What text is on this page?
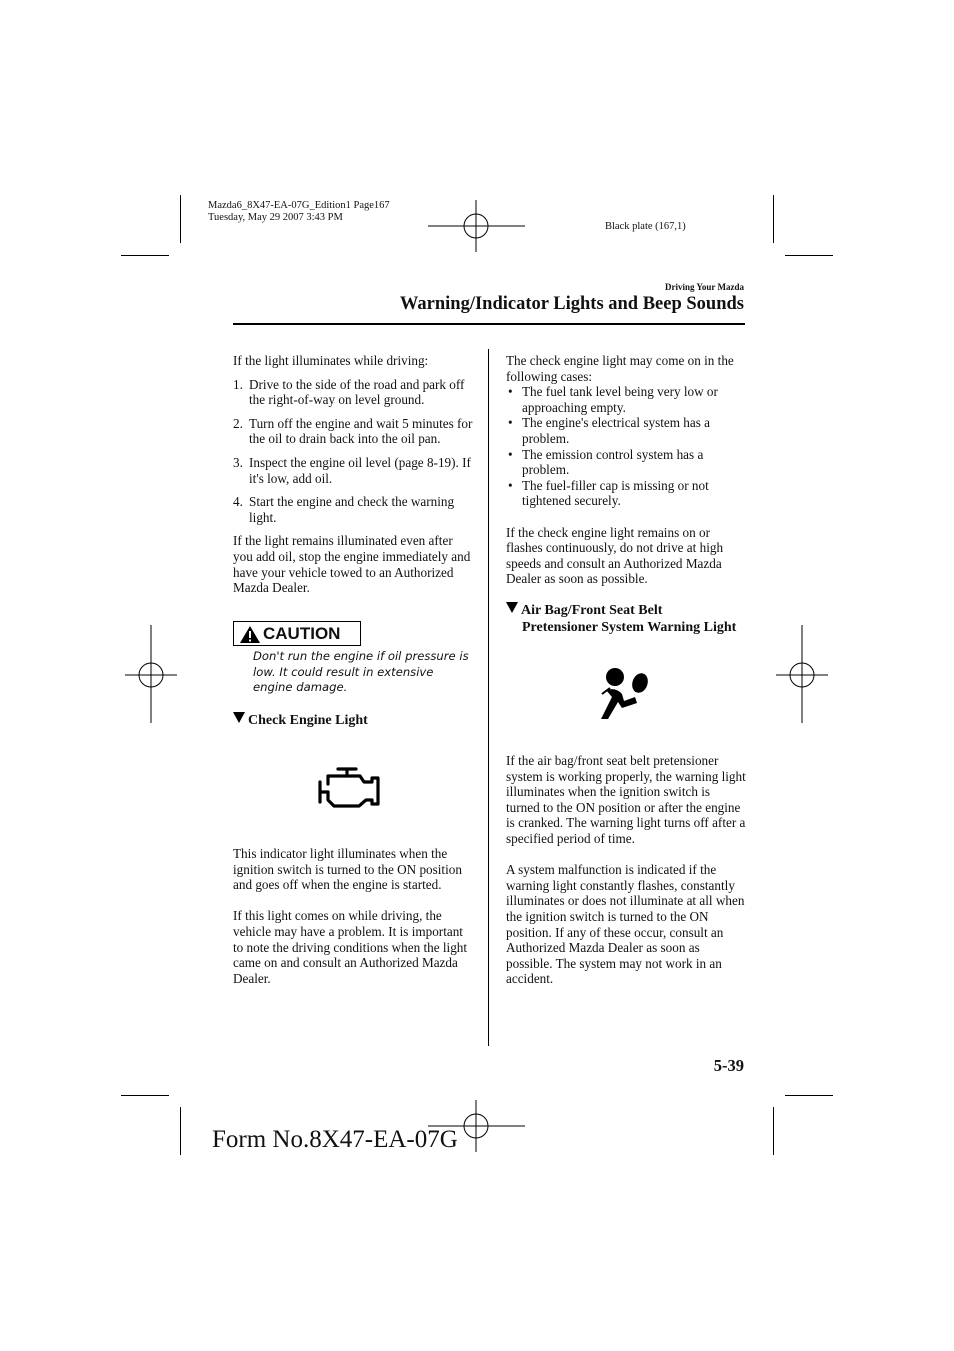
Mazda6_8X47-EA-07G_Edition1 Page167
Tuesday, May 29 2007 3:43 PM
Black plate (167,1)
Driving Your Mazda
Warning/Indicator Lights and Beep Sounds

If the light illuminates while driving:

1. Drive to the side of the road and park off the right-of-way on level ground.
2. Turn off the engine and wait 5 minutes for the oil to drain back into the oil pan.
3. Inspect the engine oil level (page 8-19). If it's low, add oil.
4. Start the engine and check the warning light.

If the light remains illuminated even after you add oil, stop the engine immediately and have your vehicle towed to an Authorized Mazda Dealer.

CAUTION
Don't run the engine if oil pressure is low. It could result in extensive engine damage.
Check Engine Light

This indicator light illuminates when the ignition switch is turned to the ON position and goes off when the engine is started.

If this light comes on while driving, the vehicle may have a problem. It is important to note the driving conditions when the light came on and consult an Authorized Mazda Dealer.

The check engine light may come on in the following cases:

• The fuel tank level being very low or approaching empty.
• The engine's electrical system has a problem.
• The emission control system has a problem.
• The fuel-filler cap is missing or not tightened securely.

If the check engine light remains on or flashes continuously, do not drive at high speeds and consult an Authorized Mazda Dealer as soon as possible.

Air Bag/Front Seat Belt
Pretensioner System Warning Light

If the air bag/front seat belt pretensioner system is working properly, the warning light illuminates when the ignition switch is turned to the ON position or after the engine is cranked. The warning light turns off after a specified period of time.

A system malfunction is indicated if the warning light constantly flashes, constantly illuminates or does not illuminate at all when the ignition switch is turned to the ON position. If any of these occur, consult an Authorized Mazda Dealer as soon as possible. The system may not work in an accident.

5-39
Form No.8X47-EA-07G
